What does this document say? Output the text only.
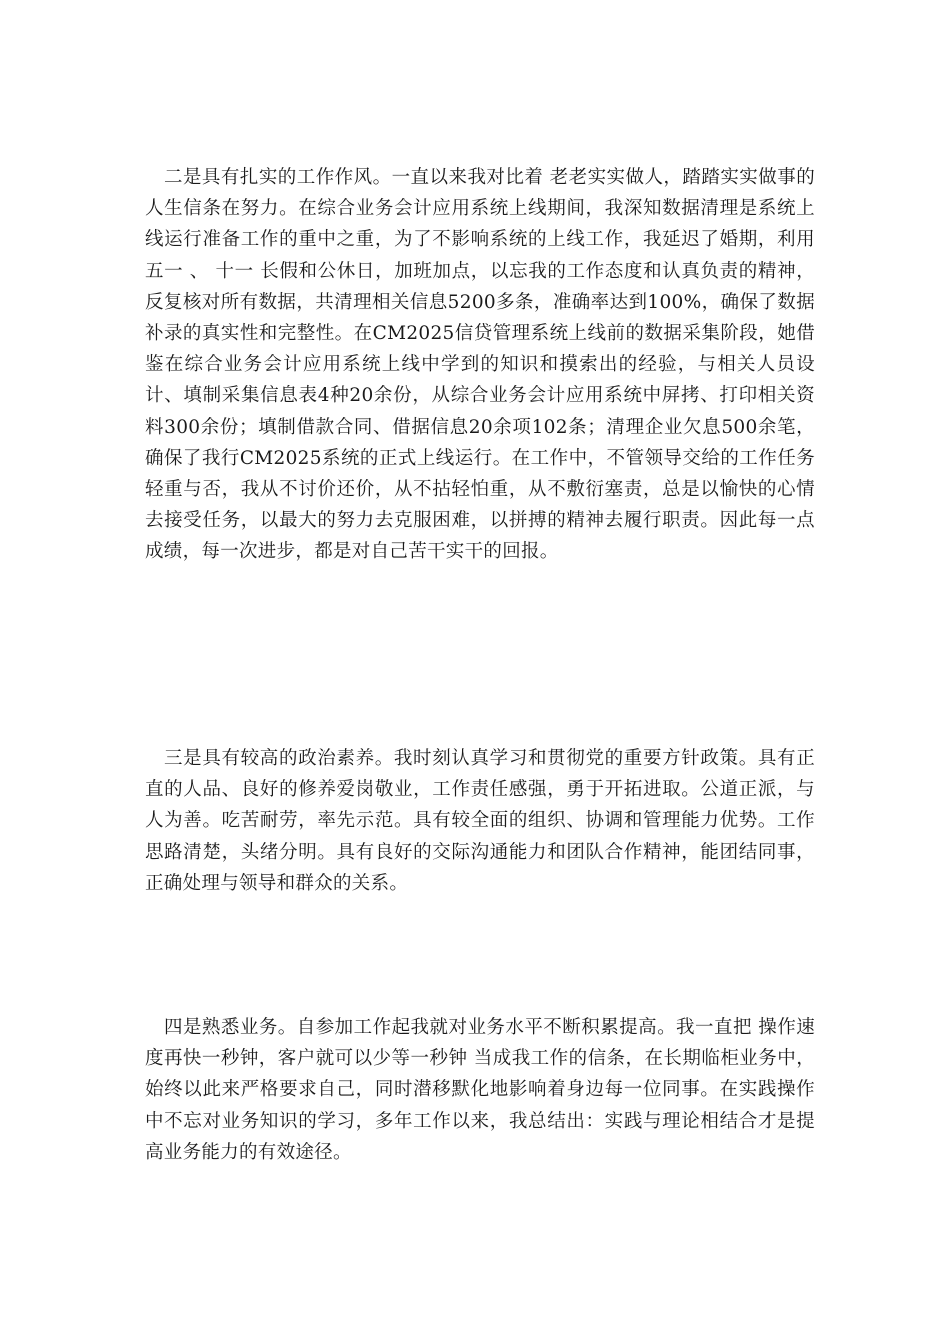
二是具有扎实的工作作风。一直以来我对比着 老老实实做人，踏踏实实做事的人生信条在努力。在综合业务会计应用系统上线期间，我深知数据清理是系统上线运行准备工作的重中之重，为了不影响系统的上线工作，我延迟了婚期，利用 五一 、 十一 长假和公休日，加班加点，以忘我的工作态度和认真负责的精神，反复核对所有数据，共清理相关信息5200多条，准确率达到100%，确保了数据补录的真实性和完整性。在CM2025信贷管理系统上线前的数据采集阶段，她借鉴在综合业务会计应用系统上线中学到的知识和摸索出的经验，与相关人员设计、填制采集信息表4种20余份，从综合业务会计应用系统中屏拷、打印相关资料300余份；填制借款合同、借据信息20余项102条；清理企业欠息500余笔，确保了我行CM2025系统的正式上线运行。在工作中，不管领导交给的工作任务轻重与否，我从不讨价还价，从不拈轻怕重，从不敷衍塞责，总是以愉快的心情去接受任务，以最大的努力去克服困难，以拼搏的精神去履行职责。因此每一点成绩，每一次进步，都是对自己苦干实干的回报。

三是具有较高的政治素养。我时刻认真学习和贯彻党的重要方针政策。具有正直的人品、良好的修养爱岗敬业，工作责任感强，勇于开拓进取。公道正派，与人为善。吃苦耐劳，率先示范。具有较全面的组织、协调和管理能力优势。工作思路清楚，头绪分明。具有良好的交际沟通能力和团队合作精神，能团结同事，正确处理与领导和群众的关系。

四是熟悉业务。自参加工作起我就对业务水平不断积累提高。我一直把 操作速度再快一秒钟，客户就可以少等一秒钟 当成我工作的信条，在长期临柜业务中，始终以此来严格要求自己，同时潜移默化地影响着身边每一位同事。在实践操作中不忘对业务知识的学习，多年工作以来，我总结出：实践与理论相结合才是提高业务能力的有效途径。
